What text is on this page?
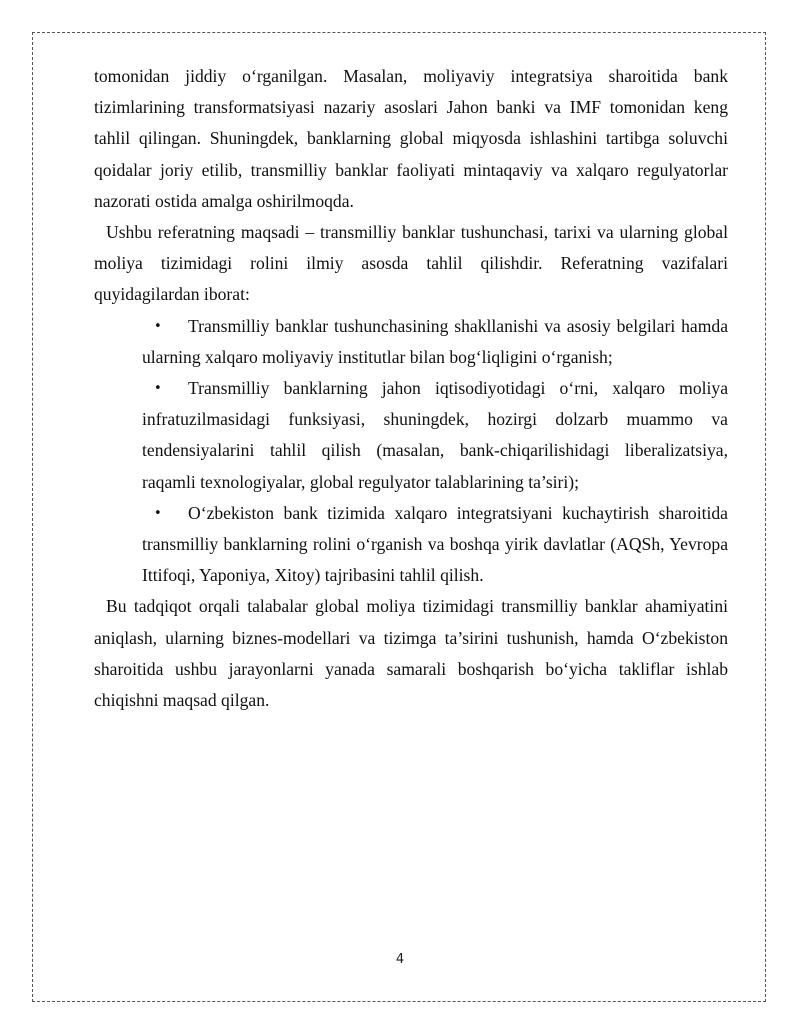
tomonidan jiddiy o‘rganilgan. Masalan, moliyaviy integratsiya sharoitida bank tizimlarining transformatsiyasi nazariy asoslari Jahon banki va IMF tomonidan keng tahlil qilingan. Shuningdek, banklarning global miqyosda ishlashini tartibga soluvchi qoidalar joriy etilib, transmilliy banklar faoliyati mintaqaviy va xalqaro regulyatorlar nazorati ostida amalga oshirilmoqda.

Ushbu referatning maqsadi – transmilliy banklar tushunchasi, tarixi va ularning global moliya tizimidagi rolini ilmiy asosda tahlil qilishdir. Referatning vazifalari quyidagilardan iborat:

• Transmilliy banklar tushunchasining shakllanishi va asosiy belgilari hamda ularning xalqaro moliyaviy institutlar bilan bog‘liqligini o‘rganish;
• Transmilliy banklarning jahon iqtisodiyotidagi o‘rni, xalqaro moliya infratuzilmasidagi funksiyasi, shuningdek, hozirgi dolzarb muammo va tendensiyalarini tahlil qilish (masalan, bank-chiqarilishidagi liberalizatsiya, raqamli texnologiyalar, global regulyator talablarining ta’siri);
• O‘zbekiston bank tizimida xalqaro integratsiyani kuchaytirish sharoitida transmilliy banklarning rolini o‘rganish va boshqa yirik davlatlar (AQSh, Yevropa Ittifoqi, Yaponiya, Xitoy) tajribasini tahlil qilish.

Bu tadqiqot orqali talabalar global moliya tizimidagi transmilliy banklar ahamiyatini aniqlash, ularning biznes-modellari va tizimga ta’sirini tushunish, hamda O‘zbekiston sharoitida ushbu jarayonlarni yanada samarali boshqarish bo‘yicha takliflar ishlab chiqishni maqsad qilgan.

4
